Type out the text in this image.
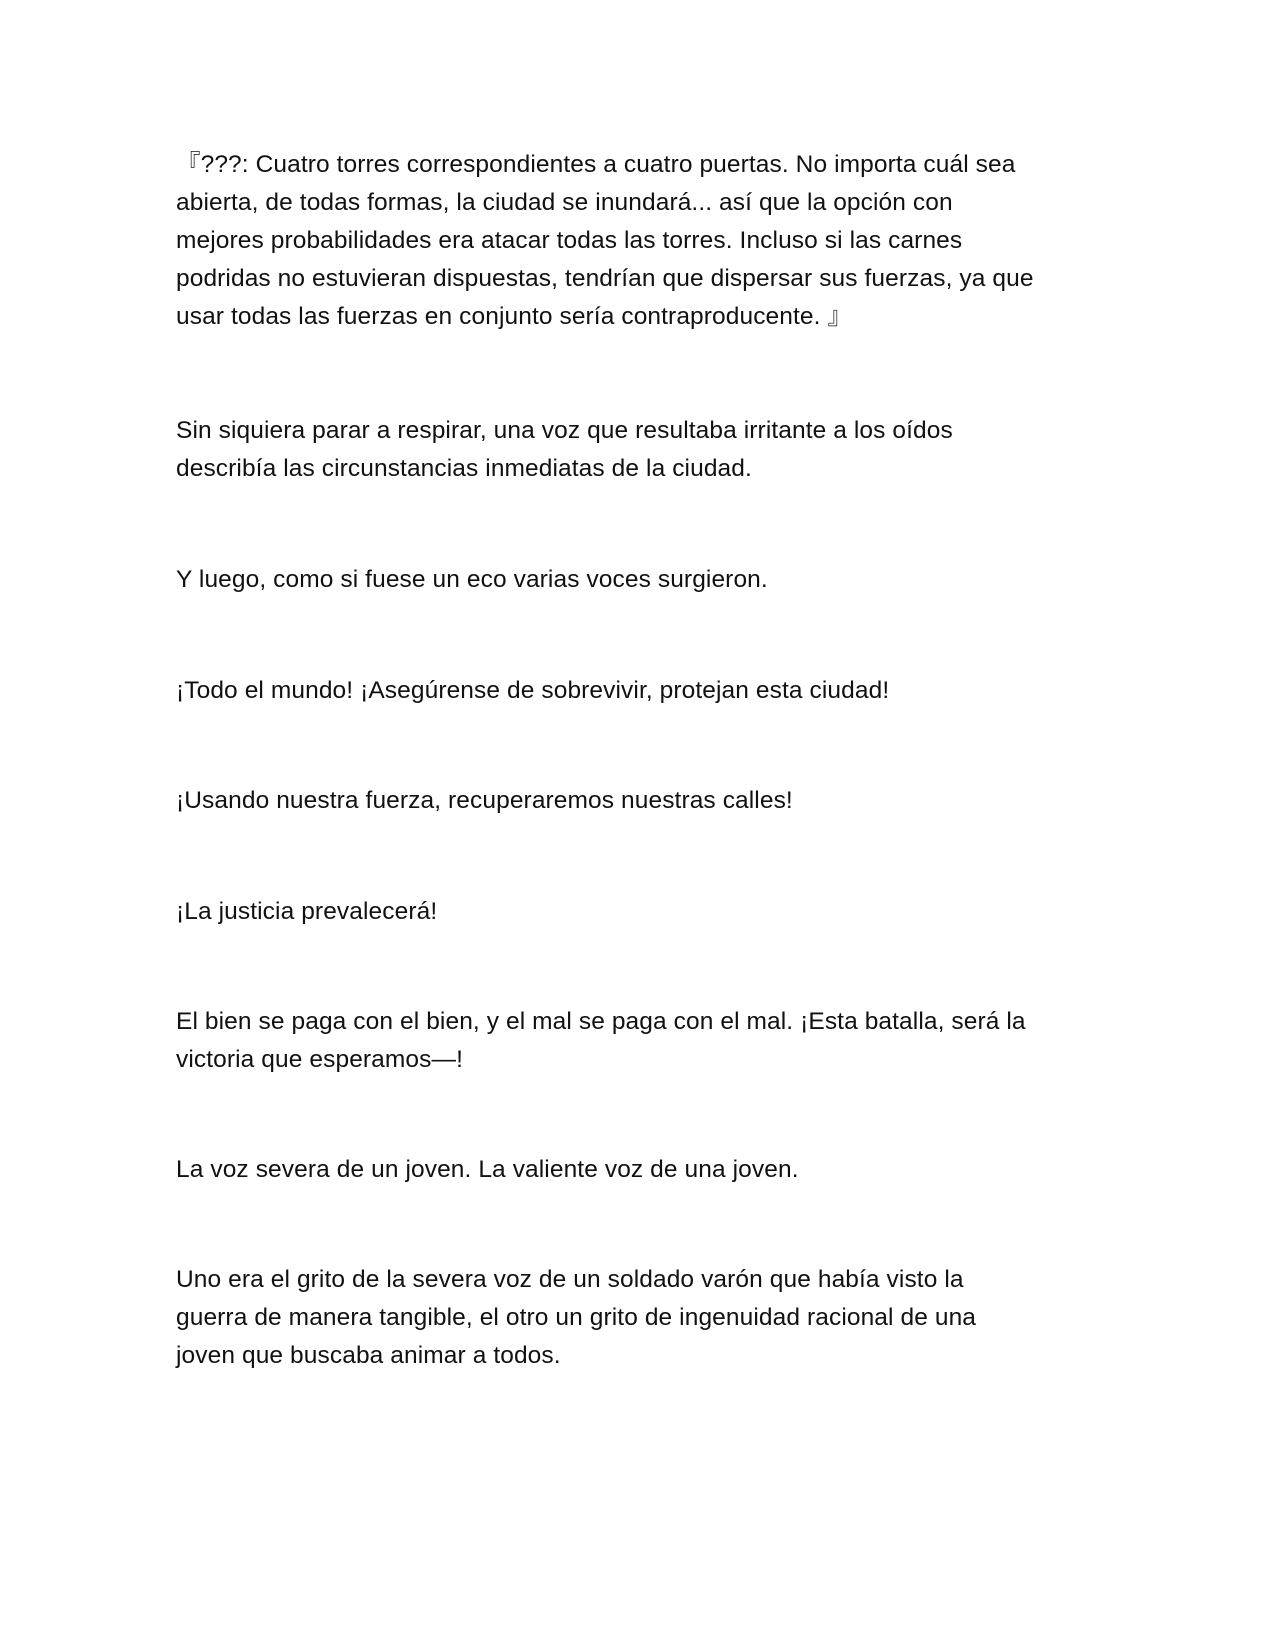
『???: Cuatro torres correspondientes a cuatro puertas. No importa cuál sea
abierta, de todas formas, la ciudad se inundará... así que la opción con
mejores probabilidades era atacar todas las torres. Incluso si las carnes
podridas no estuvieran dispuestas, tendrían que dispersar sus fuerzas, ya que
usar todas las fuerzas en conjunto sería contraproducente. 』

Sin siquiera parar a respirar, una voz que resultaba irritante a los oídos
describía las circunstancias inmediatas de la ciudad.

Y luego, como si fuese un eco varias voces surgieron.

¡Todo el mundo! ¡Asegúrense de sobrevivir, protejan esta ciudad!

¡Usando nuestra fuerza, recuperaremos nuestras calles!

¡La justicia prevalecerá!

El bien se paga con el bien, y el mal se paga con el mal. ¡Esta batalla, será la
victoria que esperamos—!

La voz severa de un joven. La valiente voz de una joven.

Uno era el grito de la severa voz de un soldado varón que había visto la
guerra de manera tangible, el otro un grito de ingenuidad racional de una
joven que buscaba animar a todos.
